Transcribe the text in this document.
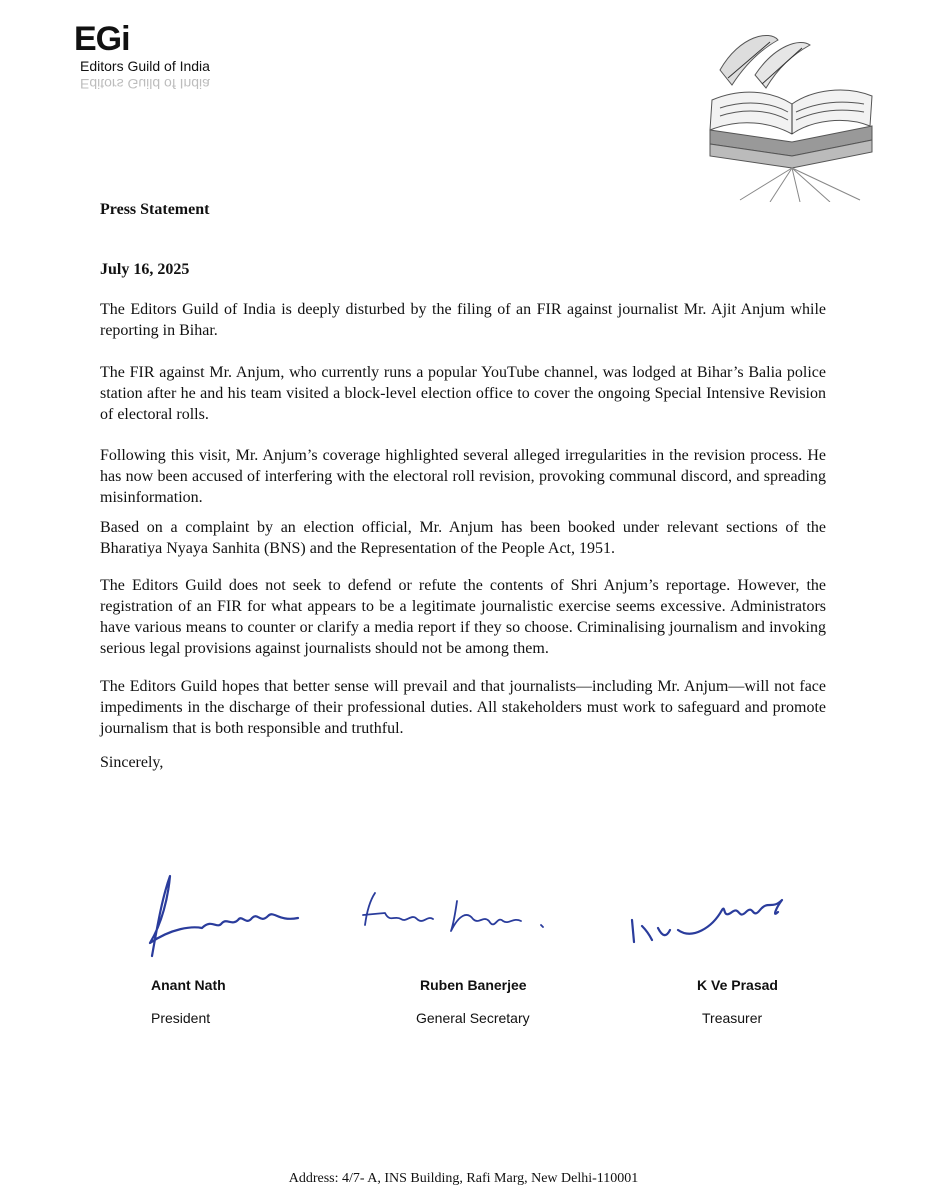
EGi
Editors Guild of India
Editors Guild of India
Press Statement
July 16, 2025

The Editors Guild of India is deeply disturbed by the filing of an FIR against journalist Mr. Ajit Anjum while reporting in Bihar.

The FIR against Mr. Anjum, who currently runs a popular YouTube channel, was lodged at Bihar’s Balia police station after he and his team visited a block-level election office to cover the ongoing Special Intensive Revision of electoral rolls.

Following this visit, Mr. Anjum’s coverage highlighted several alleged irregularities in the revision process. He has now been accused of interfering with the electoral roll revision, provoking communal discord, and spreading misinformation.

Based on a complaint by an election official, Mr. Anjum has been booked under relevant sections of the Bharatiya Nyaya Sanhita (BNS) and the Representation of the People Act, 1951.

The Editors Guild does not seek to defend or refute the contents of Shri Anjum’s reportage. However, the registration of an FIR for what appears to be a legitimate journalistic exercise seems excessive. Administrators have various means to counter or clarify a media report if they so choose. Criminalising journalism and invoking serious legal provisions against journalists should not be among them.

The Editors Guild hopes that better sense will prevail and that journalists—including Mr. Anjum—will not face impediments in the discharge of their professional duties. All stakeholders must work to safeguard and promote journalism that is both responsible and truthful.

Sincerely,
Anant Nath
President
Ruben Banerjee
General Secretary
K Ve Prasad
Treasurer
Address: 4/7- A, INS Building, Rafi Marg, New Delhi-110001
